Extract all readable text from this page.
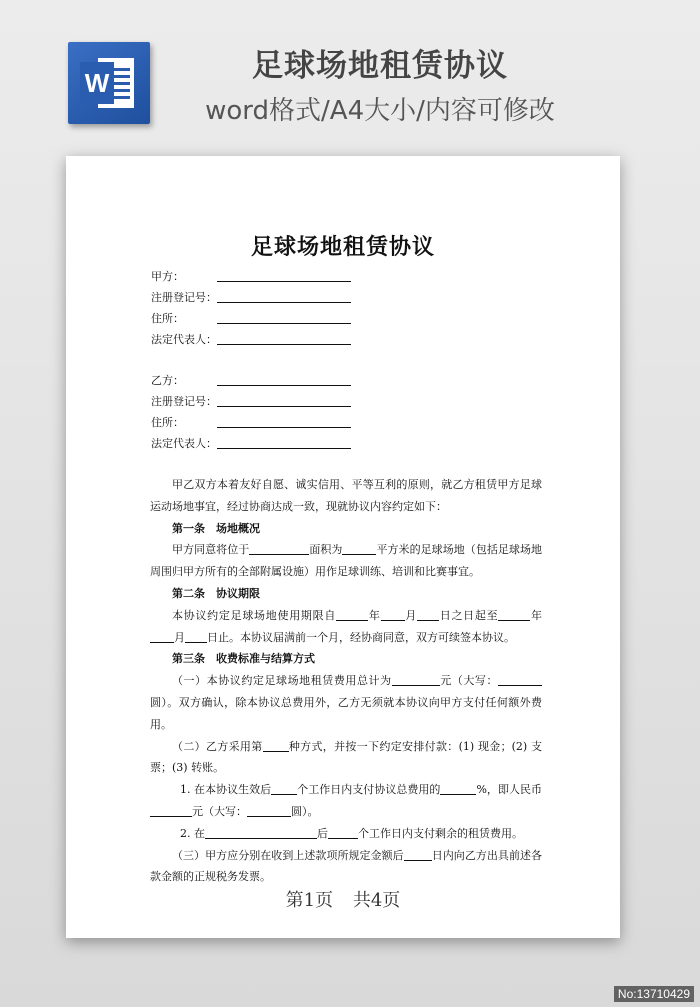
W	足球场地租赁协议
word格式/A4大小/内容可修改
足球场地租赁协议
甲方：
注册登记号：
住所：
法定代表人：
乙方：
注册登记号：
住所：
法定代表人：

甲乙双方本着友好自愿、诚实信用、平等互利的原则，就乙方租赁甲方足球运动场地事宜，经过协商达成一致，现就协议内容约定如下：

第一条　场地概况

甲方同意将位于	面积为	平方米的足球场地（包括足球场地周围归甲方所有的全部附属设施）用作足球训练、培训和比赛事宜。

第二条　协议期限

本协议约定足球场地使用期限自	年 月 日之日起至	年月 日止。本协议届满前一个月，经协商同意，双方可续签本协议。

第三条　收费标准与结算方式

（一）本协议约定足球场地租赁费用总计为	元（大写：圆）。双方确认，除本协议总费用外，乙方无须就本协议向甲方支付任何额外费用。

（二）乙方采用第 种方式，并按一下约定安排付款：(1) 现金；(2) 支票；(3) 转账。

1. 在本协议生效后 个工作日内支付协议总费用的	%，即人民币元（大写：	圆）。

2. 在	后	个工作日内支付剩余的租赁费用。

（三）甲方应分别在收到上述款项所规定金额后	日内向乙方出具前述各款金额的正规税务发票。

第1页 共4页
No:13710429
